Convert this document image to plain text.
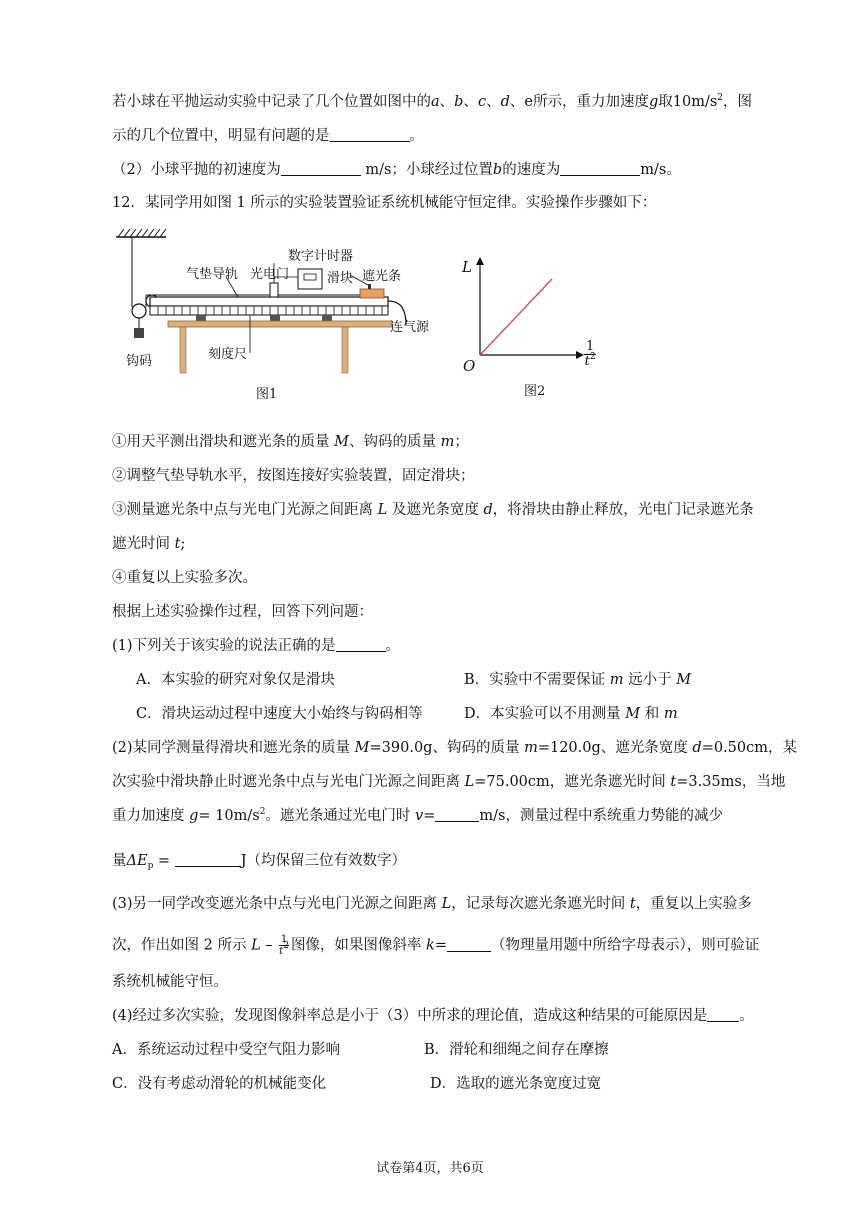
若小球在平抛运动实验中记录了几个位置如图中的a、b、c、d、e所示，重力加速度g取$10m/s^2$，图
示的几个位置中，明显有问题的是	。
（2）小球平抛的初速度为	m/s；小球经过位置b的速度为	m/s。
12．某同学用如图 1 所示的实验装置验证系统机械能守恒定律。实验操作步骤如下：
数字计时器
气垫导轨 光电门	滑块 遮光条
连气源
刻度尺
钩码
图1
L
O
1
$t^2$
图2
①用天平测出滑块和遮光条的质量 M、钩码的质量 m；
②调整气垫导轨水平，按图连接好实验装置，固定滑块；
③测量遮光条中点与光电门光源之间距离 L 及遮光条宽度 d，将滑块由静止释放，光电门记录遮光条
遮光时间 t;
④重复以上实验多次。
根据上述实验操作过程，回答下列问题：
(1)下列关于该实验的说法正确的是	。
A．本实验的研究对象仅是滑块	B．实验中不需要保证 m 远小于 M
C．滑块运动过程中速度大小始终与钩码相等	D．本实验可以不用测量 M 和 m
(2)某同学测量得滑块和遮光条的质量 M=390.0g、钩码的质量 m=120.0g、遮光条宽度 d=0.50cm，某
次实验中滑块静止时遮光条中点与光电门光源之间距离 L=75.00cm，遮光条遮光时间 t=3.35ms，当地
重力加速度 $g= 10m/s^2$。遮光条通过光电门时 v=	m/s，测量过程中系统重力势能的减少
量$\Delta E_p$ =	J（均保留三位有效数字）
(3)另一同学改变遮光条中点与光电门光源之间距离 L，记录每次遮光条遮光时间 t，重复以上实验多
次，作出如图 2 所示 L – $\frac{1}{t^2}$ 图像，如果图像斜率 k=	（物理量用题中所给字母表示），则可验证
系统机械能守恒。
(4)经过多次实验，发现图像斜率总是小于（3）中所求的理论值，造成这种结果的可能原因是 。
A．系统运动过程中受空气阻力影响	B．滑轮和细绳之间存在摩擦
C．没有考虑动滑轮的机械能变化	D．选取的遮光条宽度过宽
试卷第4页，共6页
